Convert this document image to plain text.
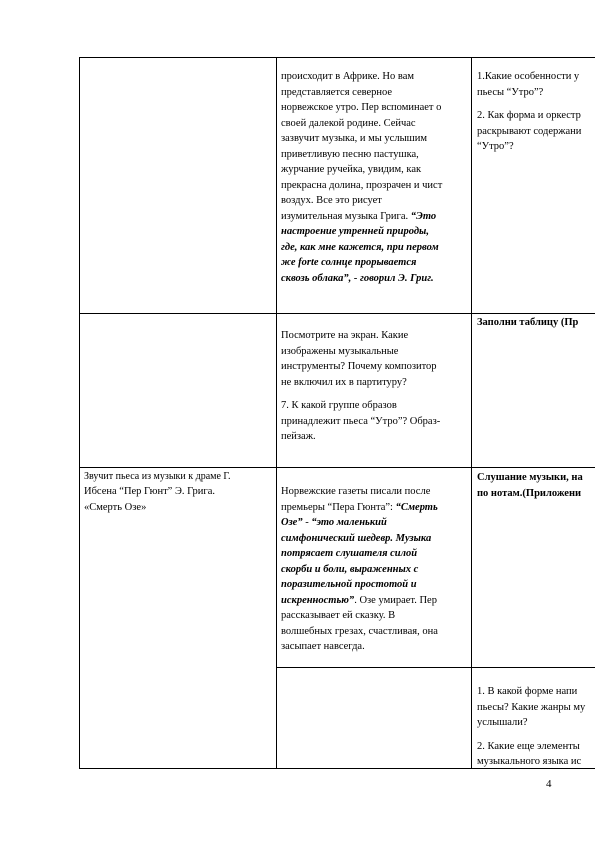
происходит в Африке. Но вам

представляется северное

норвежское утро. Пер вспоминает о

своей далекой родине. Сейчас

зазвучит музыка, и мы услышим

приветливую песню пастушка,

журчание ручейка, увидим, как

прекрасна долина, прозрачен и чист

воздух. Все это рисует

изумительная музыка Грига. “Это

настроение утренней природы,

где, как мне кажется, при первом

же forte солнце прорывается

сквозь облака”, - говорил Э. Григ.

1.Какие особенности у

пьесы “Утро”?

2. Как форма и оркестр

раскрывают содержани

“Утро”?

Посмотрите на экран. Какие

изображены музыкальные

инструменты? Почему композитор

не включил их в партитуру?

7. К какой группе образов

принадлежит пьеса “Утро”? Образ-

пейзаж.

Заполни таблицу (Пр

Звучит пьеса из музыки к драме Г.

Ибсена “Пер Гюнт” Э. Грига.

«Смерть Озе»

Норвежские газеты писали после

премьеры “Пера Гюнта”: “Смерть

Озе” - “это маленький

симфонический шедевр. Музыка

потрясает слушателя силой

скорби и боли, выраженных с

поразительной простотой и

искренностью”. Озе умирает. Пер

рассказывает ей сказку. В

волшебных грезах, счастливая, она

засыпает навсегда.

Слушание музыки, на

по нотам.(Приложени

1. В какой форме напи

пьесы? Какие жанры му

услышали?

2. Какие еще элементы

музыкального языка ис

4
